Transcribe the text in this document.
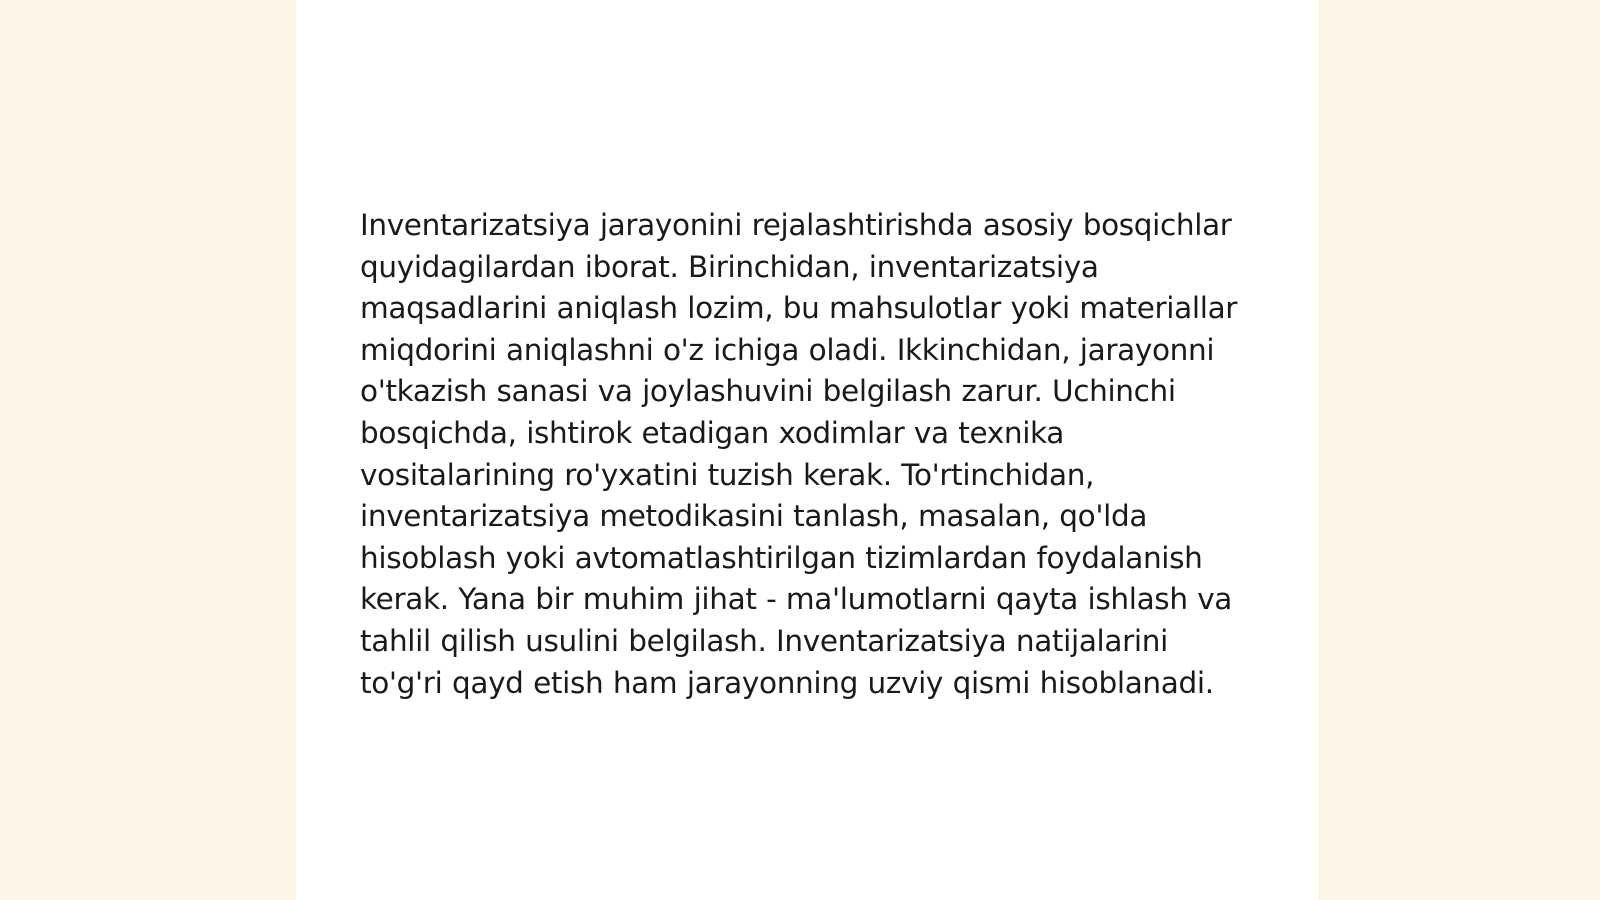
Inventarizatsiya jarayonini rejalashtirishda asosiy bosqichlar quyidagilardan iborat. Birinchidan, inventarizatsiya maqsadlarini aniqlash lozim, bu mahsulotlar yoki materiallar miqdorini aniqlashni o'z ichiga oladi. Ikkinchidan, jarayonni o'tkazish sanasi va joylashuvini belgilash zarur. Uchinchi bosqichda, ishtirok etadigan xodimlar va texnika vositalarining ro'yxatini tuzish kerak. To'rtinchidan, inventarizatsiya metodikasini tanlash, masalan, qo'lda hisoblash yoki avtomatlashtirilgan tizimlardan foydalanish kerak. Yana bir muhim jihat - ma'lumotlarni qayta ishlash va tahlil qilish usulini belgilash. Inventarizatsiya natijalarini to'g'ri qayd etish ham jarayonning uzviy qismi hisoblanadi.
